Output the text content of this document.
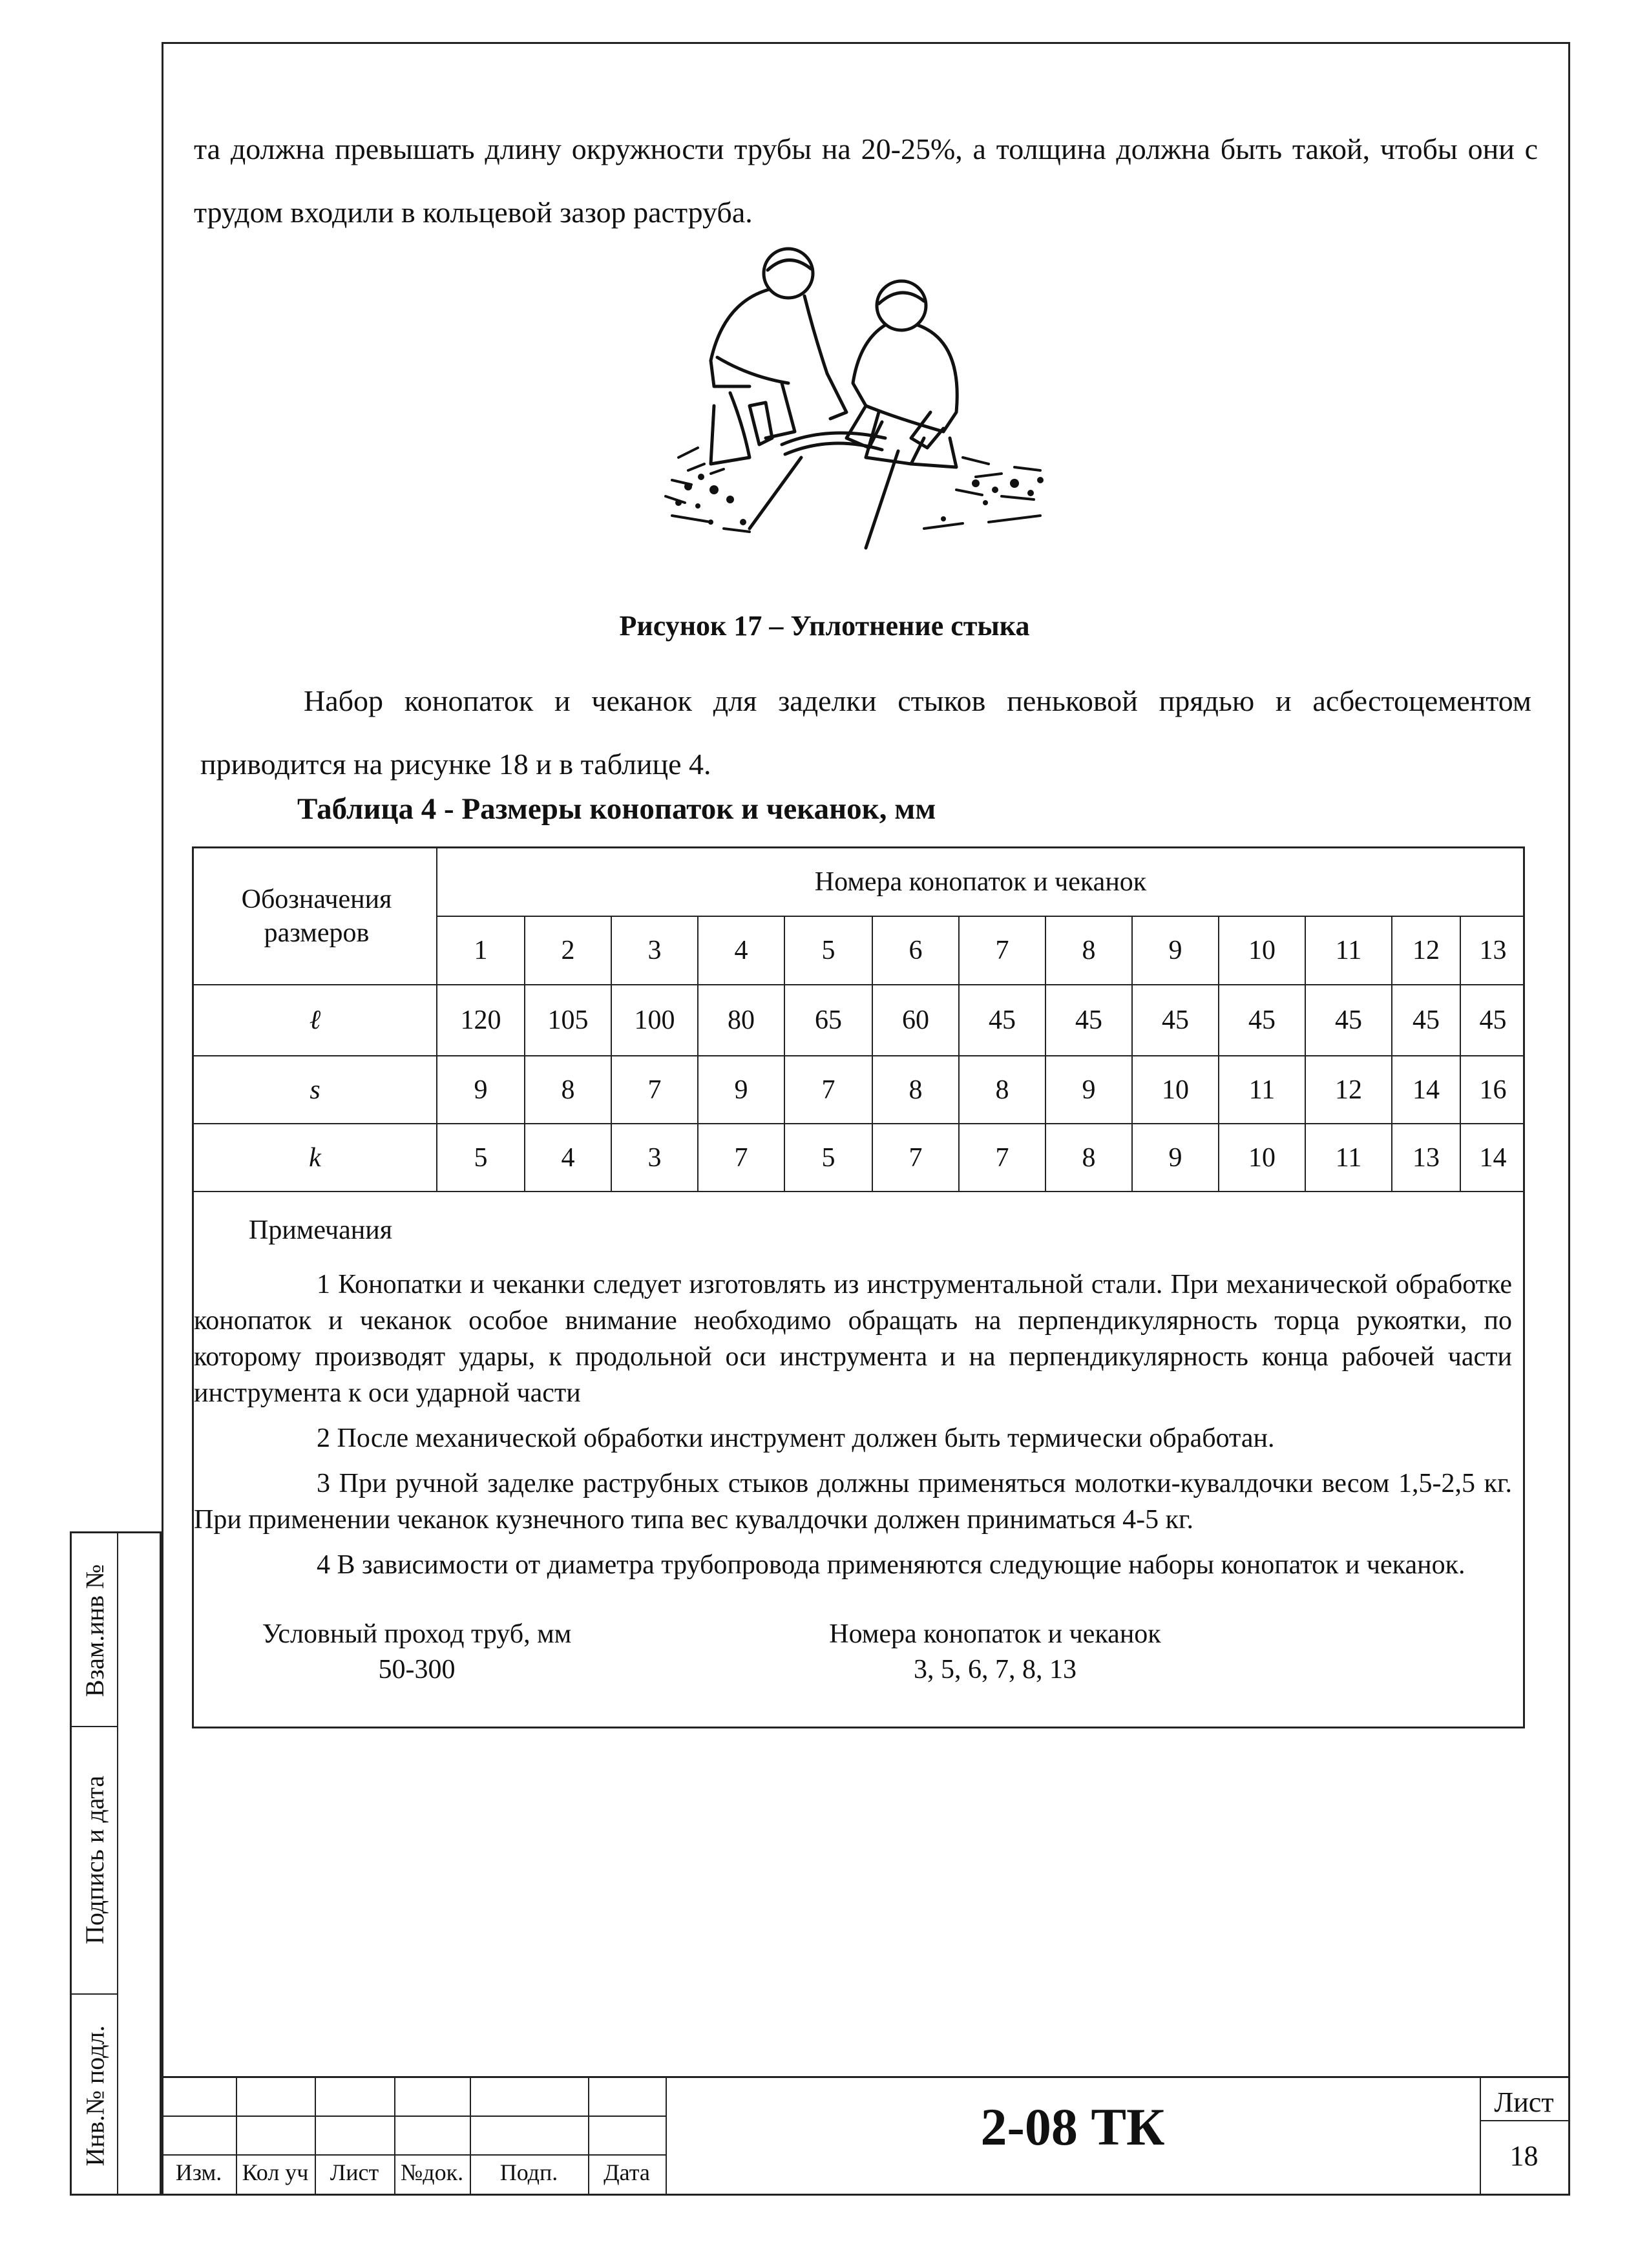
та должна превышать длину окружности трубы на 20-25%, а толщина должна быть такой, чтобы они с трудом входили в кольцевой зазор раструба.
Рисунок 17 – Уплотнение стыка
Набор конопаток и чеканок для заделки стыков пеньковой прядью и асбестоцементом приводится на рисунке 18 и в таблице 4.
Таблица 4 - Размеры конопаток и чеканок, мм
Обозначения размеров
Номера конопаток и чеканок
1	2	3	4	5	6	7	8	9	10	11	12	13
ℓ	120	105	100	80	65	60	45	45	45	45	45	45	45
s	9	8	7	9	7	8	8	9	10	11	12	14	16
k	5	4	3	7	5	7	7	8	9	10	11	13	14
Примечания

1 Конопатки и чеканки следует изготовлять из инструментальной стали. При механической обработке конопаток и чеканок особое внимание необходимо обращать на перпендикулярность торца рукоятки, по которому производят удары, к продольной оси инструмента и на перпендикулярность конца рабочей части инструмента к оси ударной части

2 После механической обработки инструмент должен быть термически обработан.

3 При ручной заделке раструбных стыков должны применяться молотки-кувалдочки весом 1,5-2,5 кг. При применении чеканок кузнечного типа вес кувалдочки должен приниматься 4-5 кг.

4 В зависимости от диаметра трубопровода применяются следующие наборы конопаток и чеканок.

Условный проход труб, мм	Номера конопаток и чеканок
50-300	3, 5, 6, 7, 8, 13
Взам.инв №
Подпись и дата
Инв.№ подл.
Изм. Кол уч Лист №док.	Подп.	Дата
Лист
18
2-08 ТК
